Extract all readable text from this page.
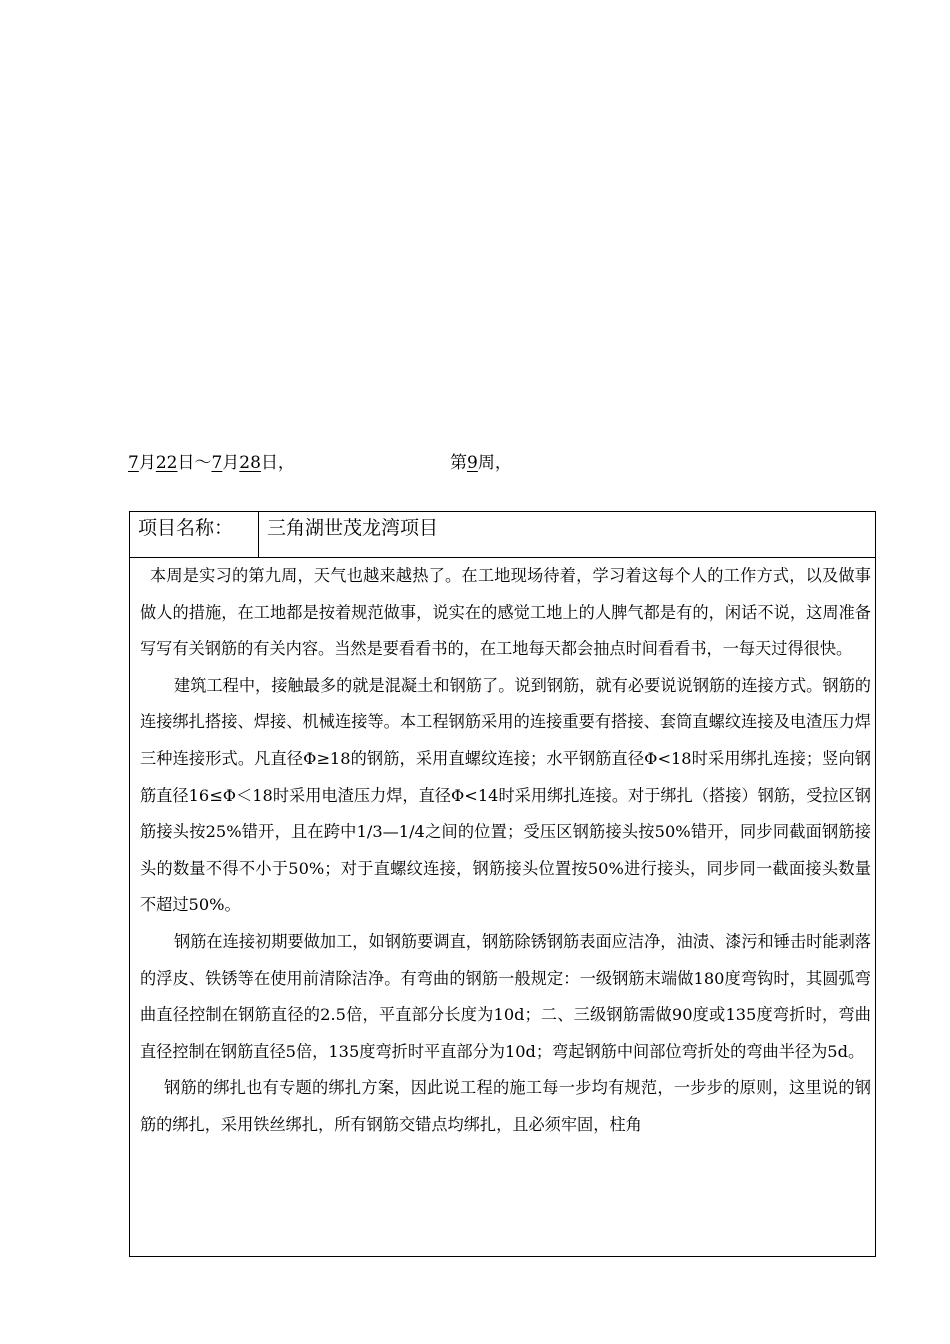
7月22日～7月28日，	第9周，
项目名称：	三角湖世茂龙湾项目

本周是实习的第九周，天气也越来越热了。在工地现场待着，学习着这每个人的工作方式，以及做事做人的措施，在工地都是按着规范做事，说实在的感觉工地上的人脾气都是有的，闲话不说，这周准备写写有关钢筋的有关内容。当然是要看看书的，在工地每天都会抽点时间看看书，一每天过得很快。

建筑工程中，接触最多的就是混凝土和钢筋了。说到钢筋，就有必要说说钢筋的连接方式。钢筋的连接绑扎搭接、焊接、机械连接等。本工程钢筋采用的连接重要有搭接、套筒直螺纹连接及电渣压力焊三种连接形式。凡直径Φ≥18的钢筋，采用直螺纹连接；水平钢筋直径Φ<18时采用绑扎连接；竖向钢筋直径16≤Φ＜18时采用电渣压力焊，直径Φ<14时采用绑扎连接。对于绑扎（搭接）钢筋，受拉区钢筋接头按25%错开，且在跨中1/3—1/4之间的位置；受压区钢筋接头按50%错开，同步同截面钢筋接头的数量不得不小于50%；对于直螺纹连接，钢筋接头位置按50%进行接头，同步同一截面接头数量不超过50%。

钢筋在连接初期要做加工，如钢筋要调直，钢筋除锈钢筋表面应洁净，油渍、漆污和锤击时能剥落的浮皮、铁锈等在使用前清除洁净。有弯曲的钢筋一般规定：一级钢筋末端做180度弯钩时，其圆弧弯曲直径控制在钢筋直径的2.5倍，平直部分长度为10d；二、三级钢筋需做90度或135度弯折时，弯曲直径控制在钢筋直径5倍，135度弯折时平直部分为10d；弯起钢筋中间部位弯折处的弯曲半径为5d。

钢筋的绑扎也有专题的绑扎方案，因此说工程的施工每一步均有规范，一步步的原则，这里说的钢筋的绑扎，采用铁丝绑扎，所有钢筋交错点均绑扎，且必须牢固，柱角
